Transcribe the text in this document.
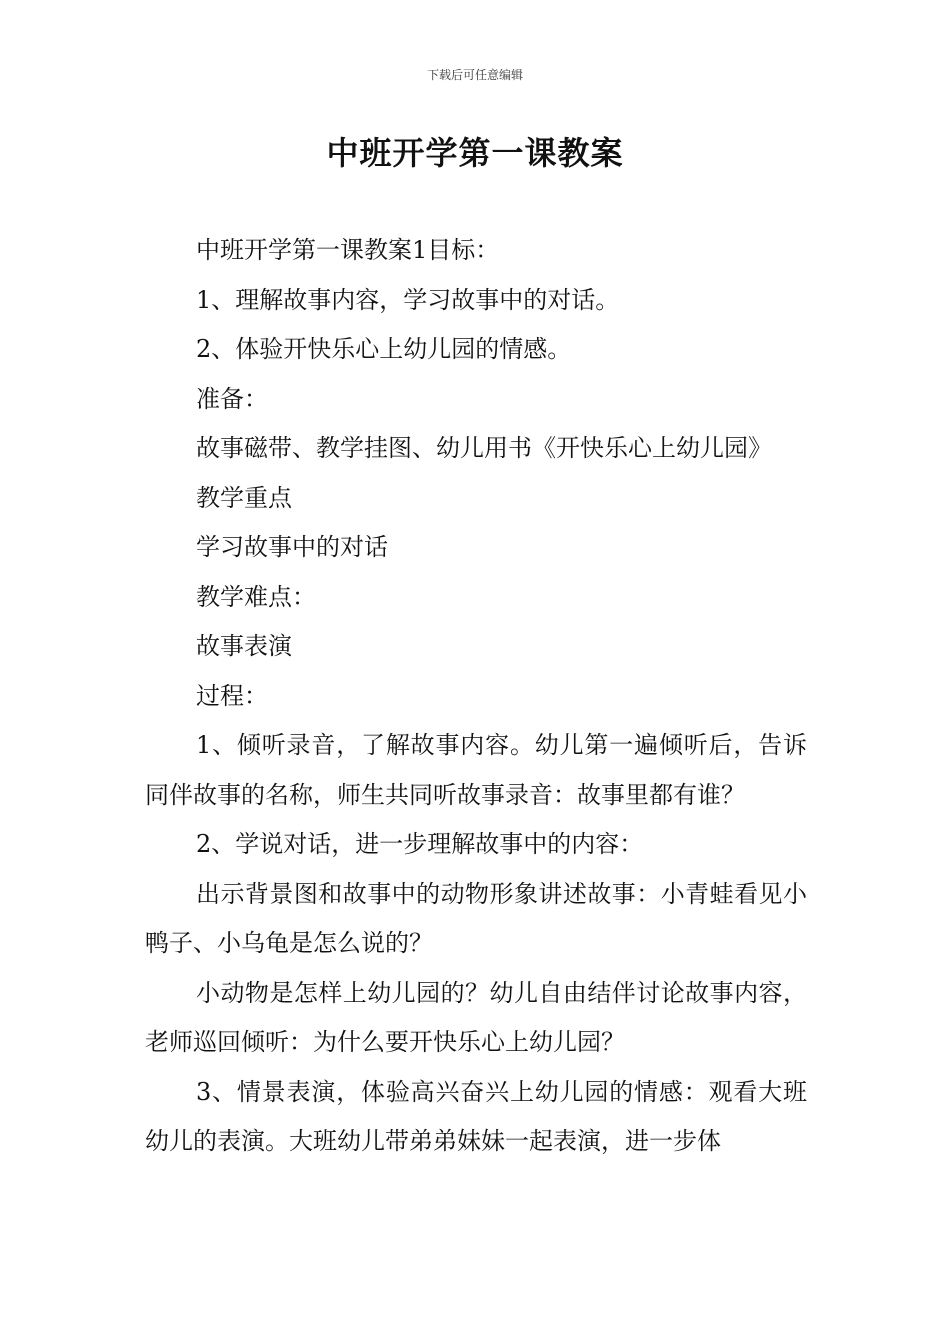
下载后可任意编辑
中班开学第一课教案

中班开学第一课教案1目标：

1、理解故事内容，学习故事中的对话。

2、体验开快乐心上幼儿园的情感。

准备：

故事磁带、教学挂图、幼儿用书《开快乐心上幼儿园》

教学重点

学习故事中的对话

教学难点：

故事表演

过程：

1、倾听录音，了解故事内容。幼儿第一遍倾听后，告诉同伴故事的名称，师生共同听故事录音：故事里都有谁？

2、学说对话，进一步理解故事中的内容：

出示背景图和故事中的动物形象讲述故事：小青蛙看见小鸭子、小乌龟是怎么说的？

小动物是怎样上幼儿园的？幼儿自由结伴讨论故事内容，老师巡回倾听：为什么要开快乐心上幼儿园？

3、情景表演，体验高兴奋兴上幼儿园的情感：观看大班幼儿的表演。大班幼儿带弟弟妹妹一起表演，进一步体
